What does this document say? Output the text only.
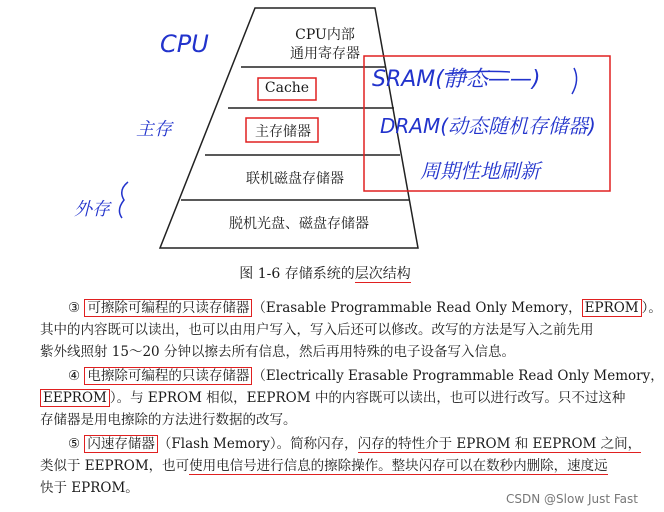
CPU内部
通用寄存器
Cache
主存储器
联机磁盘存储器
脱机光盘、磁盘存储器
CPU
主存
外存
SRAM(静态——)
DRAM(动态随机存储器)
周期性地刷新
图 1-6 存储系统的层次结构
③ 可擦除可编程的只读存储器 （Erasable Programmable Read Only Memory， EPROM ）。
其中的内容既可以读出，也可以由用户写入，写入后还可以修改。改写的方法是写入之前先用
紫外线照射 15～20 分钟以擦去所有信息，然后再用特殊的电子设备写入信息。
④ 电擦除可编程的只读存储器 （Electrically Erasable Programmable Read Only Memory，
EEPROM ）。与 EPROM 相似，EEPROM 中的内容既可以读出，也可以进行改写。只不过这种
存储器是用电擦除的方法进行数据的改写。
⑤ 闪速存储器 （Flash Memory）。简称闪存，闪存的特性介于 EPROM 和 EEPROM 之间，
类似于 EEPROM，也可使用电信号进行信息的擦除操作。整块闪存可以在数秒内删除，速度远
快于 EPROM。
CSDN @Slow Just Fast
